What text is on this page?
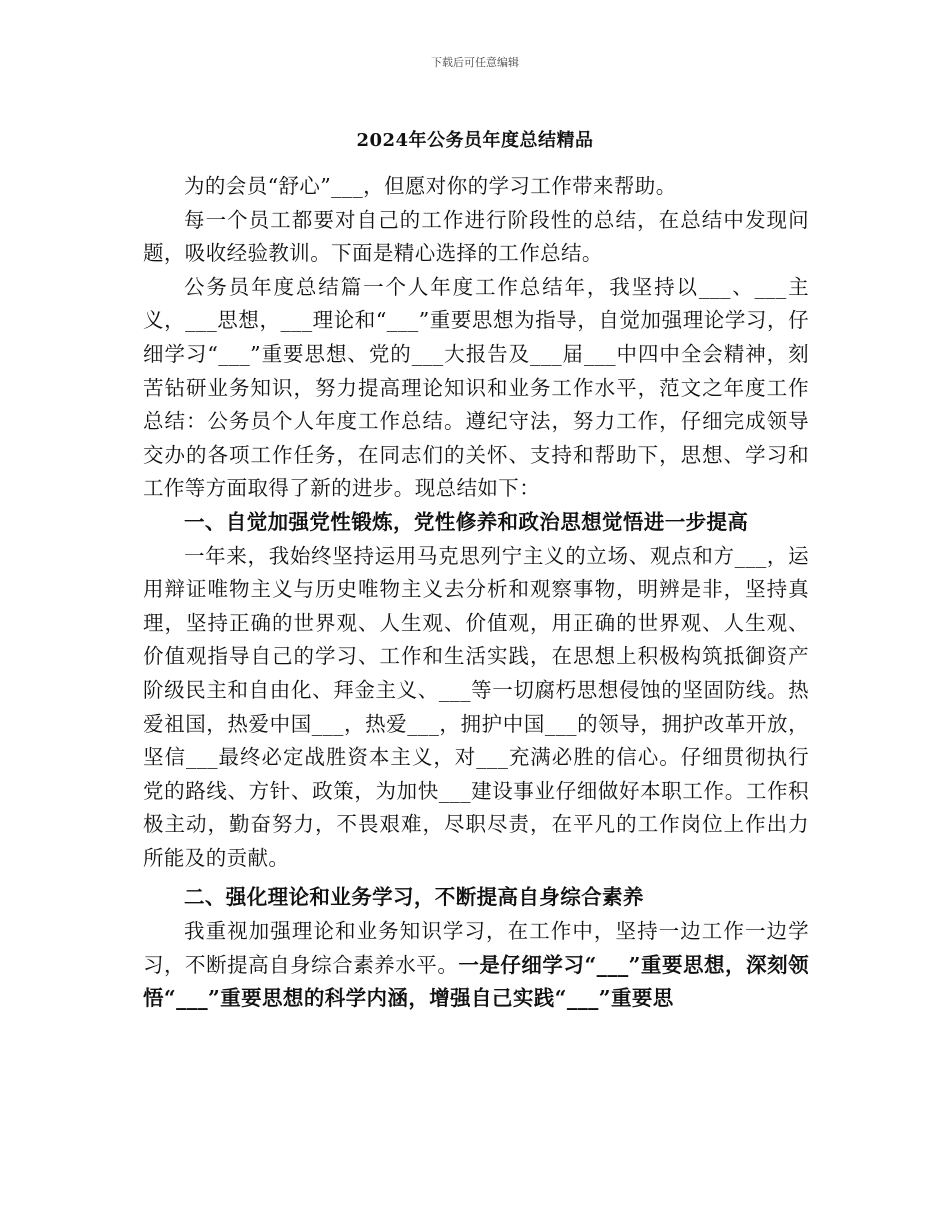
下载后可任意编辑
2024年公务员年度总结精品

为的会员“舒心”___，但愿对你的学习工作带来帮助。

每一个员工都要对自己的工作进行阶段性的总结，在总结中发现问题，吸收经验教训。下面是精心选择的工作总结。

公务员年度总结篇一个人年度工作总结年，我坚持以___、___主义，___思想，___理论和“___”重要思想为指导，自觉加强理论学习，仔细学习“___”重要思想、党的___大报告及___届___中四中全会精神，刻苦钻研业务知识，努力提高理论知识和业务工作水平，范文之年度工作总结：公务员个人年度工作总结。遵纪守法，努力工作，仔细完成领导交办的各项工作任务，在同志们的关怀、支持和帮助下，思想、学习和工作等方面取得了新的进步。现总结如下：

一、自觉加强党性锻炼，党性修养和政治思想觉悟进一步提高

一年来，我始终坚持运用马克思列宁主义的立场、观点和方___，运用辩证唯物主义与历史唯物主义去分析和观察事物，明辨是非，坚持真理，坚持正确的世界观、人生观、价值观，用正确的世界观、人生观、价值观指导自己的学习、工作和生活实践，在思想上积极构筑抵御资产阶级民主和自由化、拜金主义、___等一切腐朽思想侵蚀的坚固防线。热爱祖国，热爱中国___，热爱___，拥护中国___的领导，拥护改革开放，坚信___最终必定战胜资本主义，对___充满必胜的信心。仔细贯彻执行党的路线、方针、政策，为加快___建设事业仔细做好本职工作。工作积极主动，勤奋努力，不畏艰难，尽职尽责，在平凡的工作岗位上作出力所能及的贡献。

二、强化理论和业务学习，不断提高自身综合素养

我重视加强理论和业务知识学习，在工作中，坚持一边工作一边学习，不断提高自身综合素养水平。一是仔细学习“___”重要思想，深刻领悟“___”重要思想的科学内涵，增强自己实践“___”重要思
